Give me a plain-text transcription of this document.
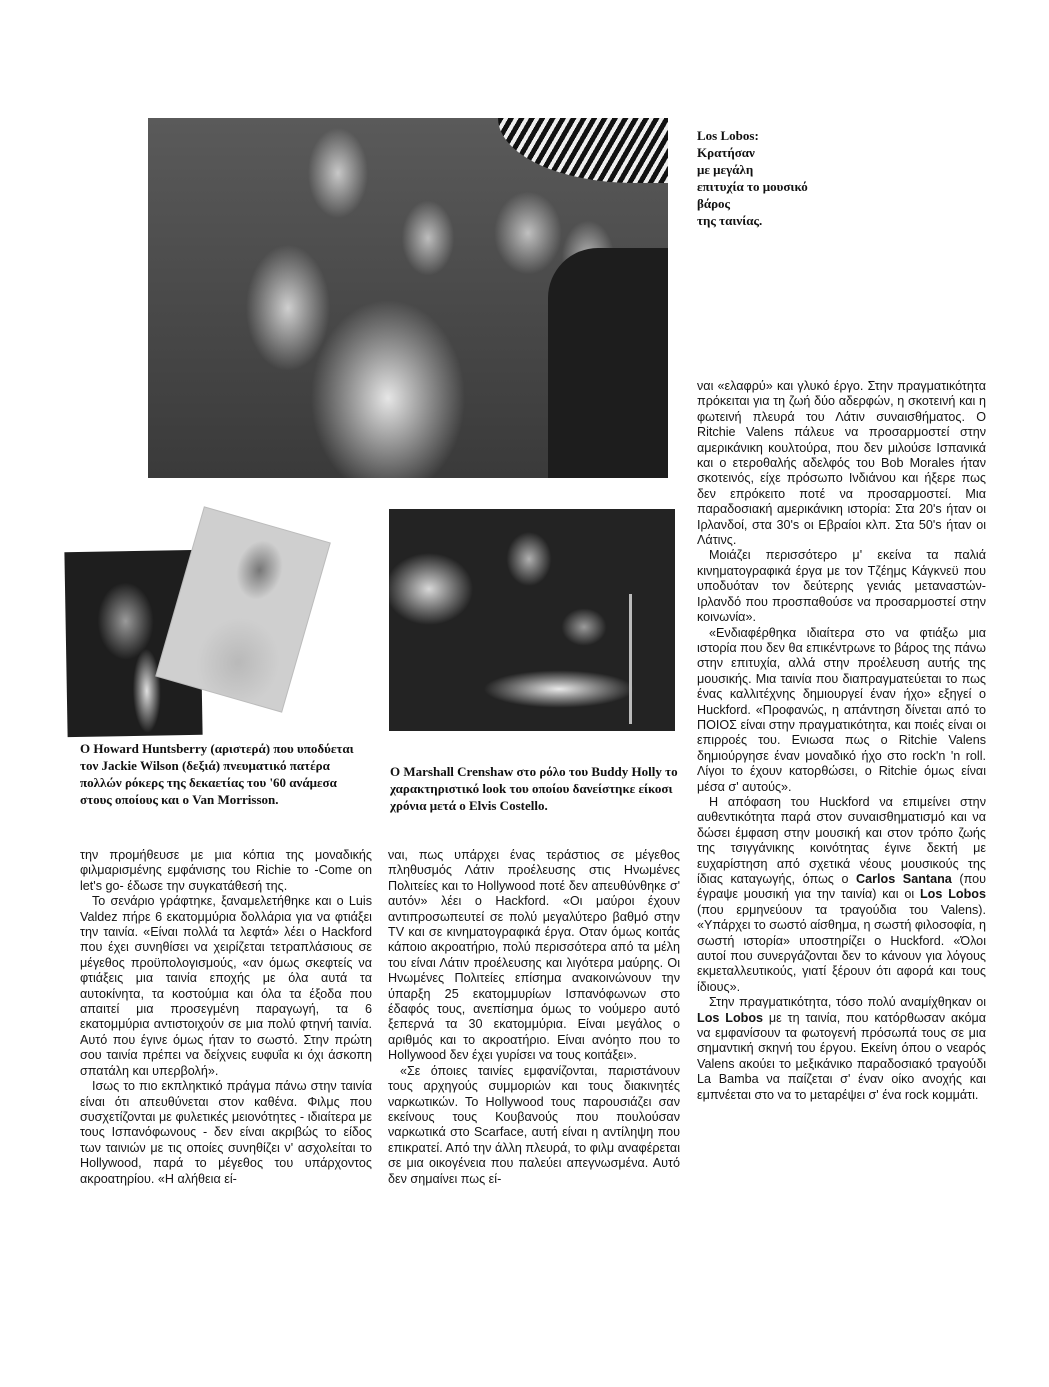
Los Lobos:
Κρατήσαν
με μεγάλη
επιτυχία το μουσικό
βάρος
της ταινίας.
O Howard Huntsberry (αριστερά) που υποδύεται τον Jackie Wilson (δεξιά) πνευματικό πατέρα πολλών ρόκερς της δεκαετίας του '60 ανάμεσα στους οποίους και ο Van Morrisson.
O Marshall Crenshaw στο ρόλο του Buddy Holly το χαρακτηριστικό look του οποίου δανείστηκε είκοσι χρόνια μετά ο Elvis Costello.

την προμήθευσε με μια κόπια της μοναδικής φιλμαρισμένης εμφάνισης του Richie το -Come on let's go- έδωσε την συγκατάθεσή της.

Το σενάριο γράφτηκε, ξαναμελετήθηκε και ο Luis Valdez πήρε 6 εκατομμύρια δολλάρια για να φτιάξει την ταινία. «Είναι πολλά τα λεφτά» λέει ο Hackford που έχει συνηθίσει να χειρίζεται τετραπλάσιους σε μέγεθος προϋπολογισμούς, «αν όμως σκεφτείς να φτιάξεις μια ταινία εποχής με όλα αυτά τα αυτοκίνητα, τα κοστούμια και όλα τα έξοδα που απαιτεί μια προσεγμένη παραγωγή, τα 6 εκατομμύρια αντιστοιχούν σε μια πολύ φτηνή ταινία. Αυτό που έγινε όμως ήταν το σωστό. Στην πρώτη σου ταινία πρέπει να δείχνεις ευφυΐα κι όχι άσκοπη σπατάλη και υπερβολή».

Ισως το πιο εκπληκτικό πράγμα πάνω στην ταινία είναι ότι απευθύνεται στον καθένα. Φιλμς που συσχετίζονται με φυλετικές μειονότητες - ιδιαίτερα με τους Ισπανόφωνους - δεν είναι ακριβώς το είδος των ταινιών με τις οποίες συνηθίζει ν' ασχολείται το Hollywood, παρά το μέγεθος του υπάρχοντος ακροατηρίου. «Η αλήθεια εί-

ναι, πως υπάρχει ένας τεράστιος σε μέγεθος πληθυσμός Λάτιν προέλευσης στις Ηνωμένες Πολιτείες και το Hollywood ποτέ δεν απευθύνθηκε σ' αυτόν» λέει ο Hackford. «Οι μαύροι έχουν αντιπροσωπευτεί σε πολύ μεγαλύτερο βαθμό στην TV και σε κινηματογραφικά έργα. Οταν όμως κοιτάς κάποιο ακροατήριο, πολύ περισσότερα από τα μέλη του είναι Λάτιν προέλευσης και λιγότερα μαύρης. Οι Ηνωμένες Πολιτείες επίσημα ανακοινώνουν την ύπαρξη 25 εκατομμυρίων Ισπανόφωνων στο έδαφός τους, ανεπίσημα όμως το νούμερο αυτό ξεπερνά τα 30 εκατομμύρια. Είναι μεγάλος ο αριθμός και το ακροατήριο. Είναι ανόητο που το Hollywood δεν έχει γυρίσει να τους κοιτάξει».

«Σε όποιες ταινίες εμφανίζονται, παριστάνουν τους αρχηγούς συμμοριών και τους διακινητές ναρκωτικών. Το Hollywood τους παρουσιάζει σαν εκείνους τους Κουβανούς που πουλούσαν ναρκωτικά στο Scarface, αυτή είναι η αντίληψη που επικρατεί. Από την άλλη πλευρά, το φιλμ αναφέρεται σε μια οικογένεια που παλεύει απεγνωσμένα. Αυτό δεν σημαίνει πως εί-

ναι «ελαφρύ» και γλυκό έργο. Στην πραγματικότητα πρόκειται για τη ζωή δύο αδερφών, η σκοτεινή και η φωτεινή πλευρά του Λάτιν συναισθήματος. O Ritchie Valens πάλευε να προσαρμοστεί στην αμερικάνικη κουλτούρα, που δεν μιλούσε Ισπανικά και ο ετεροθαλής αδελφός του Bob Morales ήταν σκοτεινός, είχε πρόσωπο Ινδιάνου και ήξερε πως δεν επρόκειτο ποτέ να προσαρμοστεί. Μια παραδοσιακή αμερικάνικη ιστορία: Στα 20's ήταν οι Ιρλανδοί, στα 30's οι Εβραίοι κλπ. Στα 50's ήταν οι Λάτινς.

Μοιάζει περισσότερο μ' εκείνα τα παλιά κινηματογραφικά έργα με τον Τζέημς Κάγκνεϋ που υποδυόταν τον δεύτερης γενιάς μεταναστών- Ιρλανδό που προσπαθούσε να προσαρμοστεί στην κοινωνία».

«Ενδιαφέρθηκα ιδιαίτερα στο να φτιάξω μια ιστορία που δεν θα επικέντρωνε το βάρος της πάνω στην επιτυχία, αλλά στην προέλευση αυτής της μουσικής. Μια ταινία που διαπραγματεύεται το πως ένας καλλιτέχνης δημιουργεί έναν ήχο» εξηγεί ο Huckford. «Προφανώς, η απάντηση δίνεται από το ΠΟΙΟΣ είναι στην πραγματικότητα, και ποιές είναι οι επιρροές του. Ενιωσα πως ο Ritchie Valens δημιούργησε έναν μοναδικό ήχο στο rock'n 'n roll. Λίγοι το έχουν κατορθώσει, ο Ritchie όμως είναι μέσα σ' αυτούς».

Η απόφαση του Huckford να επιμείνει στην αυθεντικότητα παρά στον συναισθηματισμό και να δώσει έμφαση στην μουσική και στον τρόπο ζωής της τσιγγάνικης κοινότητας έγινε δεκτή με ευχαρίστηση από σχετικά νέους μουσικούς της ίδιας καταγωγής, όπως ο Carlos Santana (που έγραψε μουσική για την ταινία) και οι Los Lobos (που ερμηνεύουν τα τραγούδια του Valens). «Υπάρχει το σωστό αίσθημα, η σωστή φιλοσοφία, η σωστή ιστορία» υποστηρίζει ο Huckford. «Όλοι αυτοί που συνεργάζονται δεν το κάνουν για λόγους εκμεταλλευτικούς, γιατί ξέρουν ότι αφορά και τους ίδιους».

Στην πραγματικότητα, τόσο πολύ αναμίχθηκαν οι Los Lobos με τη ταινία, που κατόρθωσαν ακόμα να εμφανίσουν τα φωτογενή πρόσωπά τους σε μια σημαντική σκηνή του έργου. Εκείνη όπου ο νεαρός Valens ακούει το μεξικάνικο παραδοσιακό τραγούδι La Bamba να παίζεται σ' έναν οίκο ανοχής και εμπνέεται στο να το μεταρέψει σ' ένα rock κομμάτι.
